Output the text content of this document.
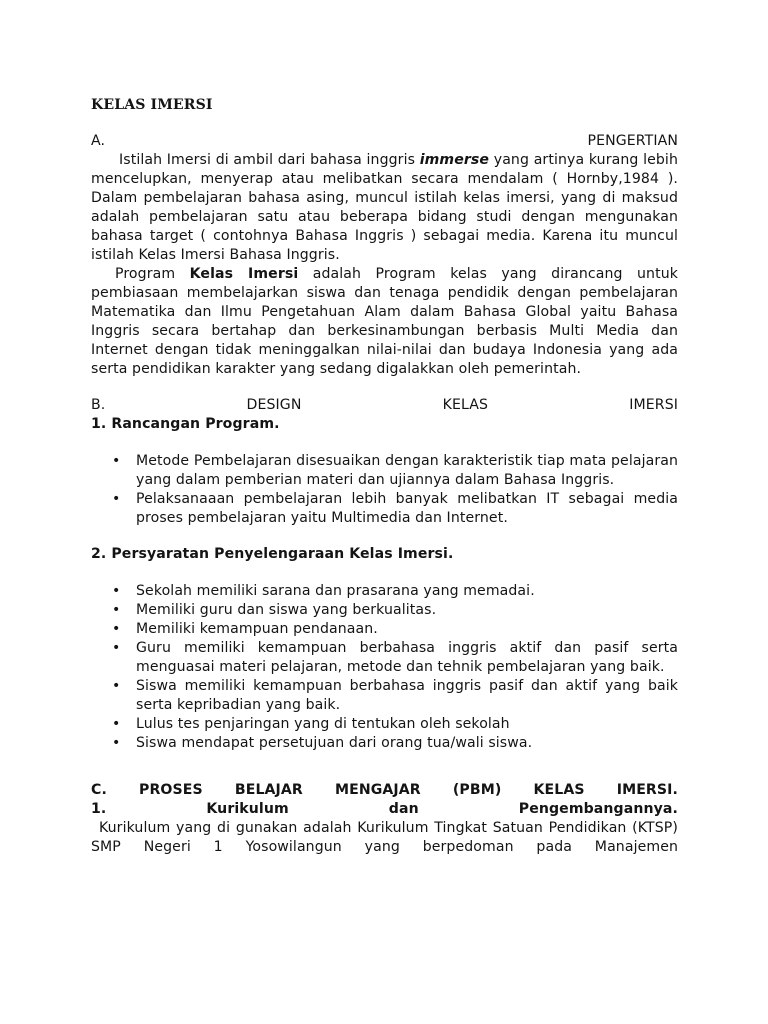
KELAS IMERSI
A.	PENGERTIAN

Istilah Imersi di ambil dari bahasa inggris immerse yang artinya kurang lebih mencelupkan, menyerap atau melibatkan secara mendalam ( Hornby,1984 ). Dalam pembelajaran bahasa asing, muncul istilah kelas imersi, yang di maksud adalah pembelajaran satu atau beberapa bidang studi dengan mengunakan bahasa target ( contohnya Bahasa Inggris ) sebagai media. Karena itu muncul istilah Kelas Imersi Bahasa Inggris.

Program Kelas Imersi adalah Program kelas yang dirancang untuk pembiasaan membelajarkan siswa dan tenaga pendidik dengan pembelajaran Matematika dan Ilmu Pengetahuan Alam dalam Bahasa Global yaitu Bahasa Inggris secara bertahap dan berkesinambungan berbasis Multi Media dan Internet dengan tidak meninggalkan nilai-nilai dan budaya Indonesia yang ada serta pendidikan karakter yang sedang digalakkan oleh pemerintah.

B.	DESIGN	KELAS	IMERSI
1. Rancangan Program.
• Metode Pembelajaran disesuaikan dengan karakteristik tiap mata pelajaran yang dalam pemberian materi dan ujiannya dalam Bahasa Inggris.
• Pelaksanaaan pembelajaran lebih banyak melibatkan IT sebagai media proses pembelajaran yaitu Multimedia dan Internet.
2. Persyaratan Penyelengaraan Kelas Imersi.
• Sekolah memiliki sarana dan prasarana yang memadai.
• Memiliki guru dan siswa yang berkualitas.
• Memiliki kemampuan pendanaan.
• Guru memiliki kemampuan berbahasa inggris aktif dan pasif serta menguasai materi pelajaran, metode dan tehnik pembelajaran yang baik.
• Siswa memiliki kemampuan berbahasa inggris pasif dan aktif yang baik serta kepribadian yang baik.
• Lulus tes penjaringan yang di tentukan oleh sekolah
• Siswa mendapat persetujuan dari orang tua/wali siswa.
C. PROSES BELAJAR MENGAJAR (PBM) KELAS IMERSI.
1.	Kurikulum	dan	Pengembangannya.

Kurikulum yang di gunakan adalah Kurikulum Tingkat Satuan Pendidikan (KTSP) SMP Negeri 1 Yosowilangun yang berpedoman pada Manajemen
